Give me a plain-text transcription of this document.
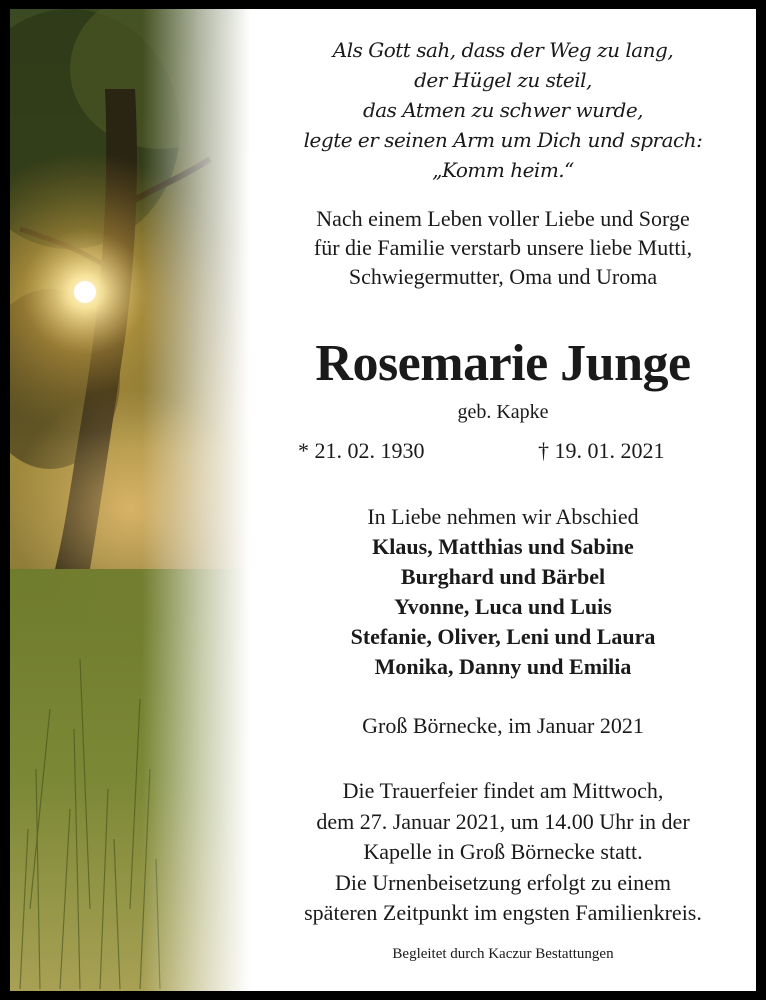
Als Gott sah, dass der Weg zu lang,
der Hügel zu steil,
das Atmen zu schwer wurde,
legte er seinen Arm um Dich und sprach:
„Komm heim.“
Nach einem Leben voller Liebe und Sorge
für die Familie verstarb unsere liebe Mutti,
Schwiegermutter, Oma und Uroma
Rosemarie Junge
geb. Kapke
* 21. 02. 1930	† 19. 01. 2021
In Liebe nehmen wir Abschied
Klaus, Matthias und Sabine
Burghard und Bärbel
Yvonne, Luca und Luis
Stefanie, Oliver, Leni und Laura
Monika, Danny und Emilia
Groß Börnecke, im Januar 2021
Die Trauerfeier findet am Mittwoch,
dem 27. Januar 2021, um 14.00 Uhr in der
Kapelle in Groß Börnecke statt.
Die Urnenbeisetzung erfolgt zu einem
späteren Zeitpunkt im engsten Familienkreis.
Begleitet durch Kaczur Bestattungen
